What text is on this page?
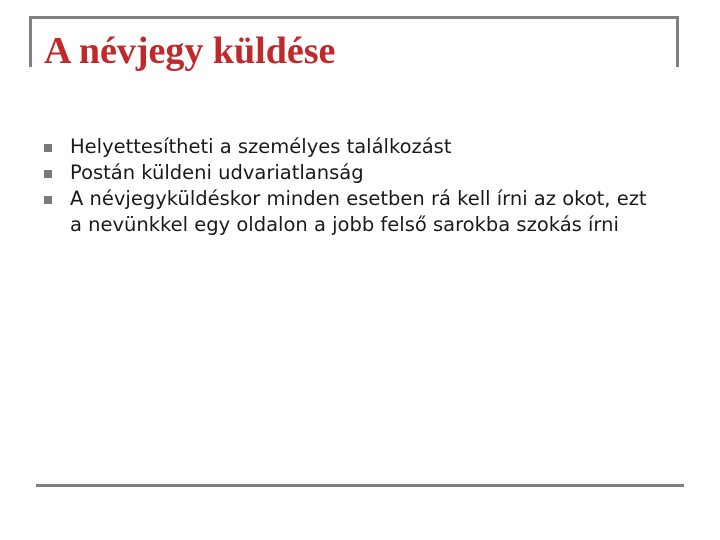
A névjegy küldése
Helyettesítheti a személyes találkozást
Postán küldeni udvariatlanság
A névjegyküldéskor minden esetben rá kell írni az okot, ezt a nevünkkel egy oldalon a jobb felső sarokba szokás írni
